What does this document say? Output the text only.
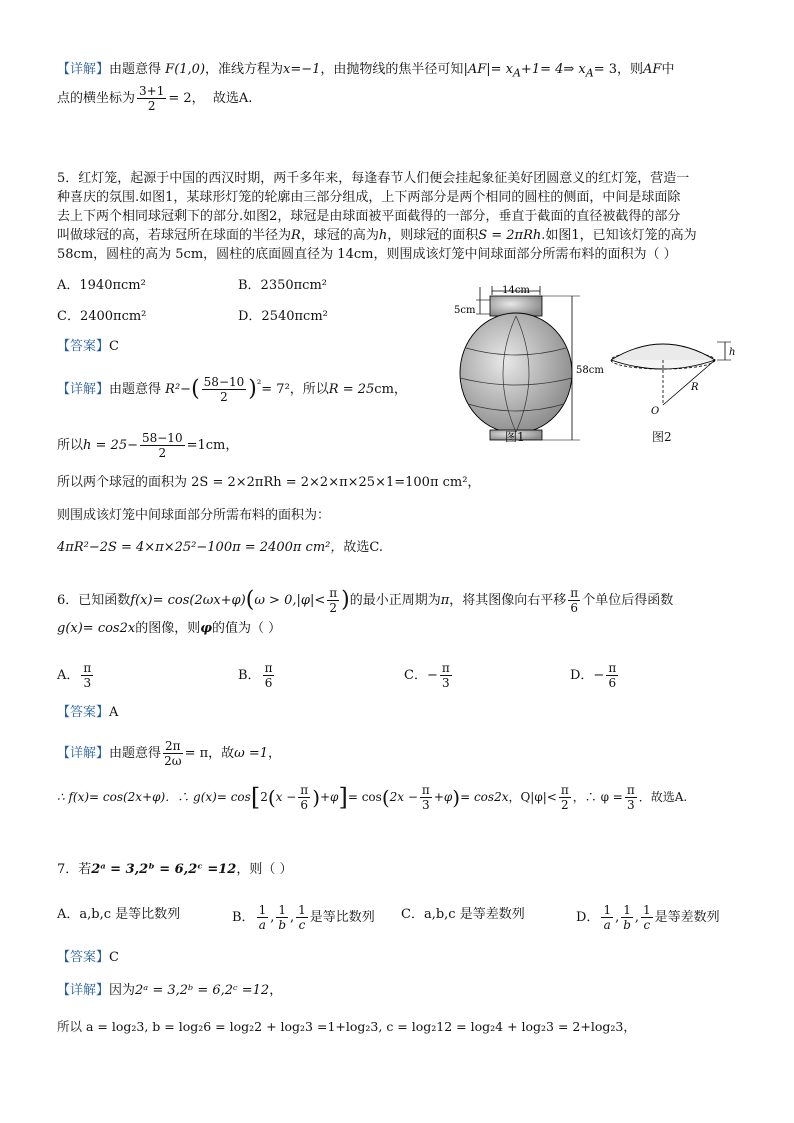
【详解】由题意得 F(1,0)，准线方程为x=−1，由抛物线的焦半径可知$|AF|= x_A+1=$ 4⇒ $x_A= 3$，则AF中
点的横坐标为 $\frac{3+1}{2} = 2$， 故选A.
5．红灯笼，起源于中国的西汉时期，两千多年来，每逢春节人们便会挂起象征美好团圆意义的红灯笼，营造一
种喜庆的氛围.如图1，某球形灯笼的轮廓由三部分组成，上下两部分是两个相同的圆柱的侧面，中间是球面除
去上下两个相同球冠剩下的部分.如图2，球冠是由球面被平面截得的一部分，垂直于截面的直径被截得的部分
叫做球冠的高，若球冠所在球面的半径为R，球冠的高为h，则球冠的面积S = 2πRh.如图1，已知该灯笼的高为
58cm，圆柱的高为 5cm，圆柱的底面圆直径为 14cm，则围成该灯笼中间球面部分所需布料的面积为（ ）
A．1940πcm²	B．2350πcm²
C．2400πcm²	D．2540πcm²
【答案】C
【详解】由题意得 $R^2-( \frac{58-10}{2} )^{^2}= 7^2$，所以R = 25cm，
所以$h = 25- \frac{58-10}{2} =1cm$，
所以两个球冠的面积为 2S = 2×2πRh = 2×2×π×25×1=100π cm²，
则围成该灯笼中间球面部分所需布料的面积为：
4πR²−2S = 4×π×25²−100π = 2400π cm²，故选C.
14cm
5cm
58cm
图1
h
R
O
图2
6．已知函数$f(x)= \cos(2\omega x+\varphi)(\omega > 0,|\varphi|< \frac{\pi}{2}$ )的最小正周期为π，将其图像向右平移 $\frac{\pi}{6}$ 个单位后得函数
g(x)= cos2x的图像，则φ的值为（ ）
A． $\frac{\pi}{3}$	B． $\frac{\pi}{6}$	C．− $\frac{\pi}{3}$	D．− $\frac{\pi}{6}$
【答案】A
【详解】由题意得 $\frac{2\pi}{2\omega} = \pi$，故ω =1，
∴ f(x)= cos(2x+φ)．∴ $g(x)= \cos[2(x - \frac{\pi}{6} )+\varphi]= \cos(2x - \frac{\pi}{3} +\varphi)= \cos 2x$，$Q|\varphi|< \frac{\pi}{2}$ ，∴ $\varphi = \frac{\pi}{3}$ ．故选A.
7．若2ᵃ = 3,2ᵇ = 6,2ᶜ =12，则（ ）
A．a,b,c 是等比数列	B． $\frac{1}{a}$ , $\frac{1}{b}$ , $\frac{1}{c}$ 是等比数列 C．a,b,c 是等差数列	D． $\frac{1}{a}$ , $\frac{1}{b}$ , $\frac{1}{c}$ 是等差数列
【答案】C
【详解】因为2ᵃ = 3,2ᵇ = 6,2ᶜ =12，
所以 a = log₂3, b = log₂6 = log₂2 + log₂3 =1+log₂3, c = log₂12 = log₂4 + log₂3 = 2+log₂3，
